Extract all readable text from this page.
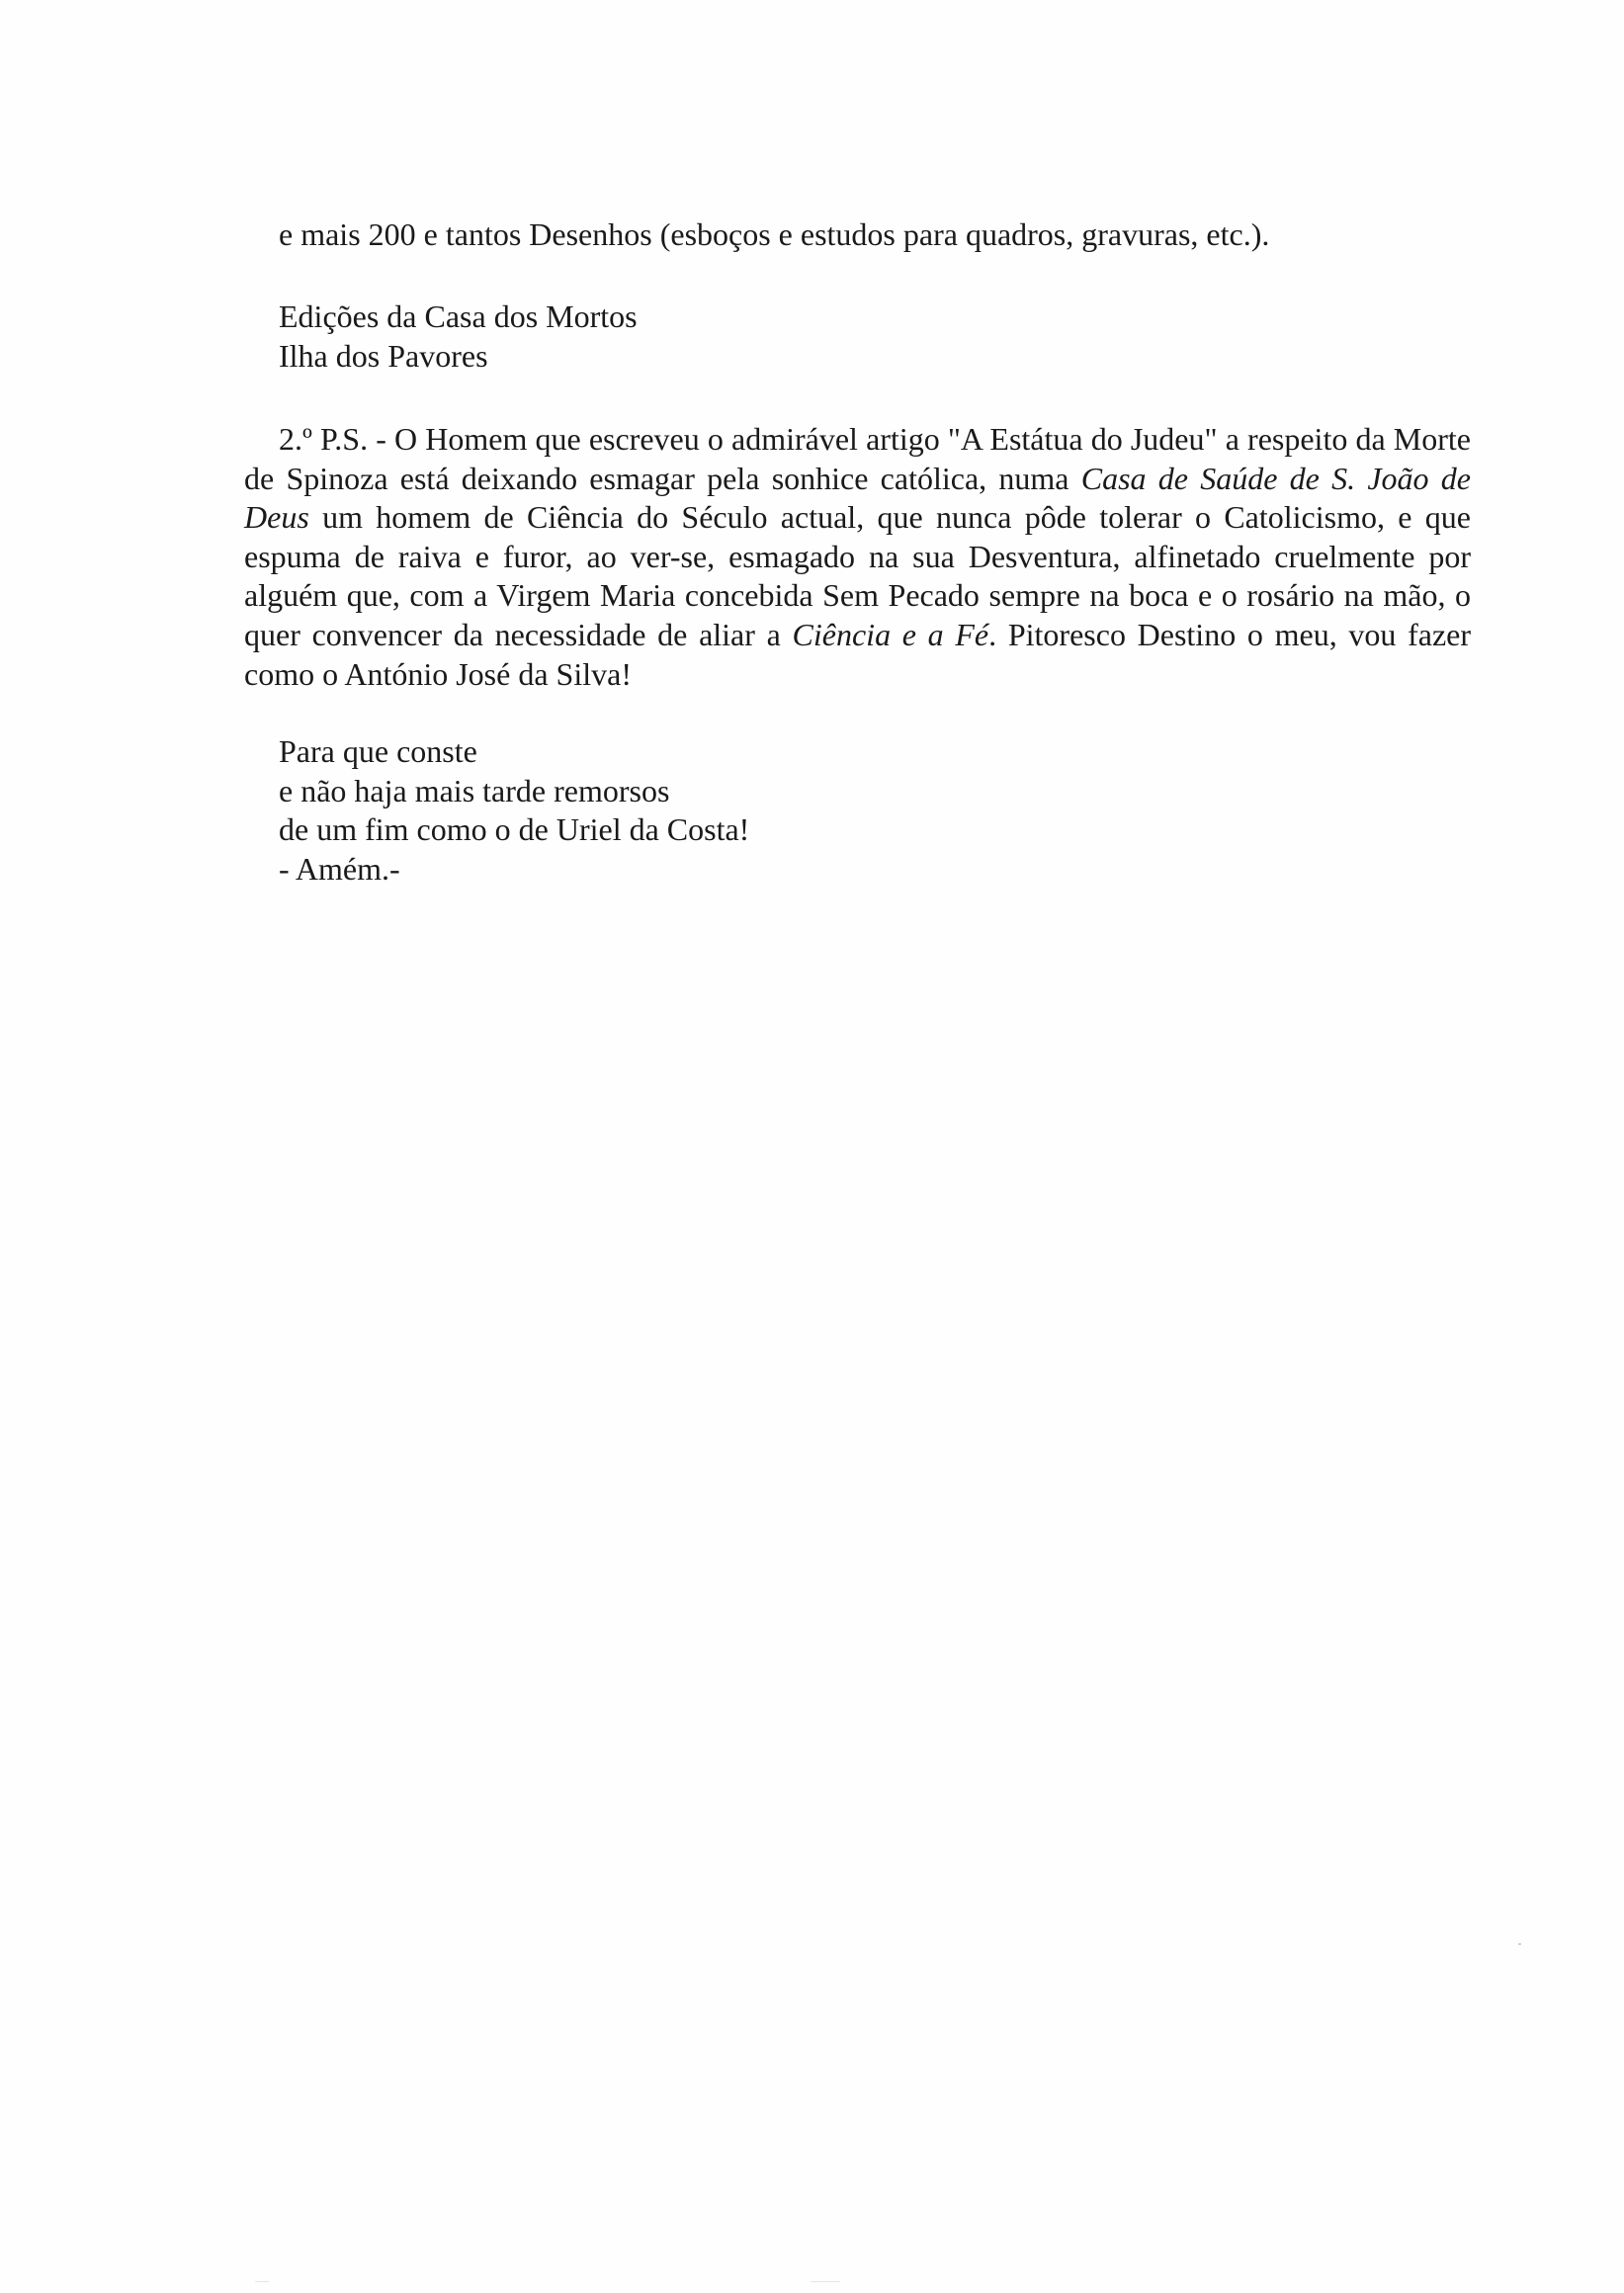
e mais 200 e tantos Desenhos (esboços e estudos para quadros, gravuras, etc.).
Edições da Casa dos Mortos
Ilha dos Pavores

2.º P.S. - O Homem que escreveu o admirável artigo "A Estátua do Judeu" a respeito da Morte de Spinoza está deixando esmagar pela sonhice católica, numa Casa de Saúde de S. João de Deus um homem de Ciência do Século actual, que nunca pôde tolerar o Catolicismo, e que espuma de raiva e furor, ao ver-se, esmagado na sua Desventura, alfinetado cruelmente por alguém que, com a Virgem Maria concebida Sem Pecado sempre na boca e o rosário na mão, o quer convencer da necessidade de aliar a Ciência e a Fé. Pitoresco Destino o meu, vou fazer como o António José da Silva!

Para que conste
e não haja mais tarde remorsos
de um fim como o de Uriel da Costa!
- Amém.-
